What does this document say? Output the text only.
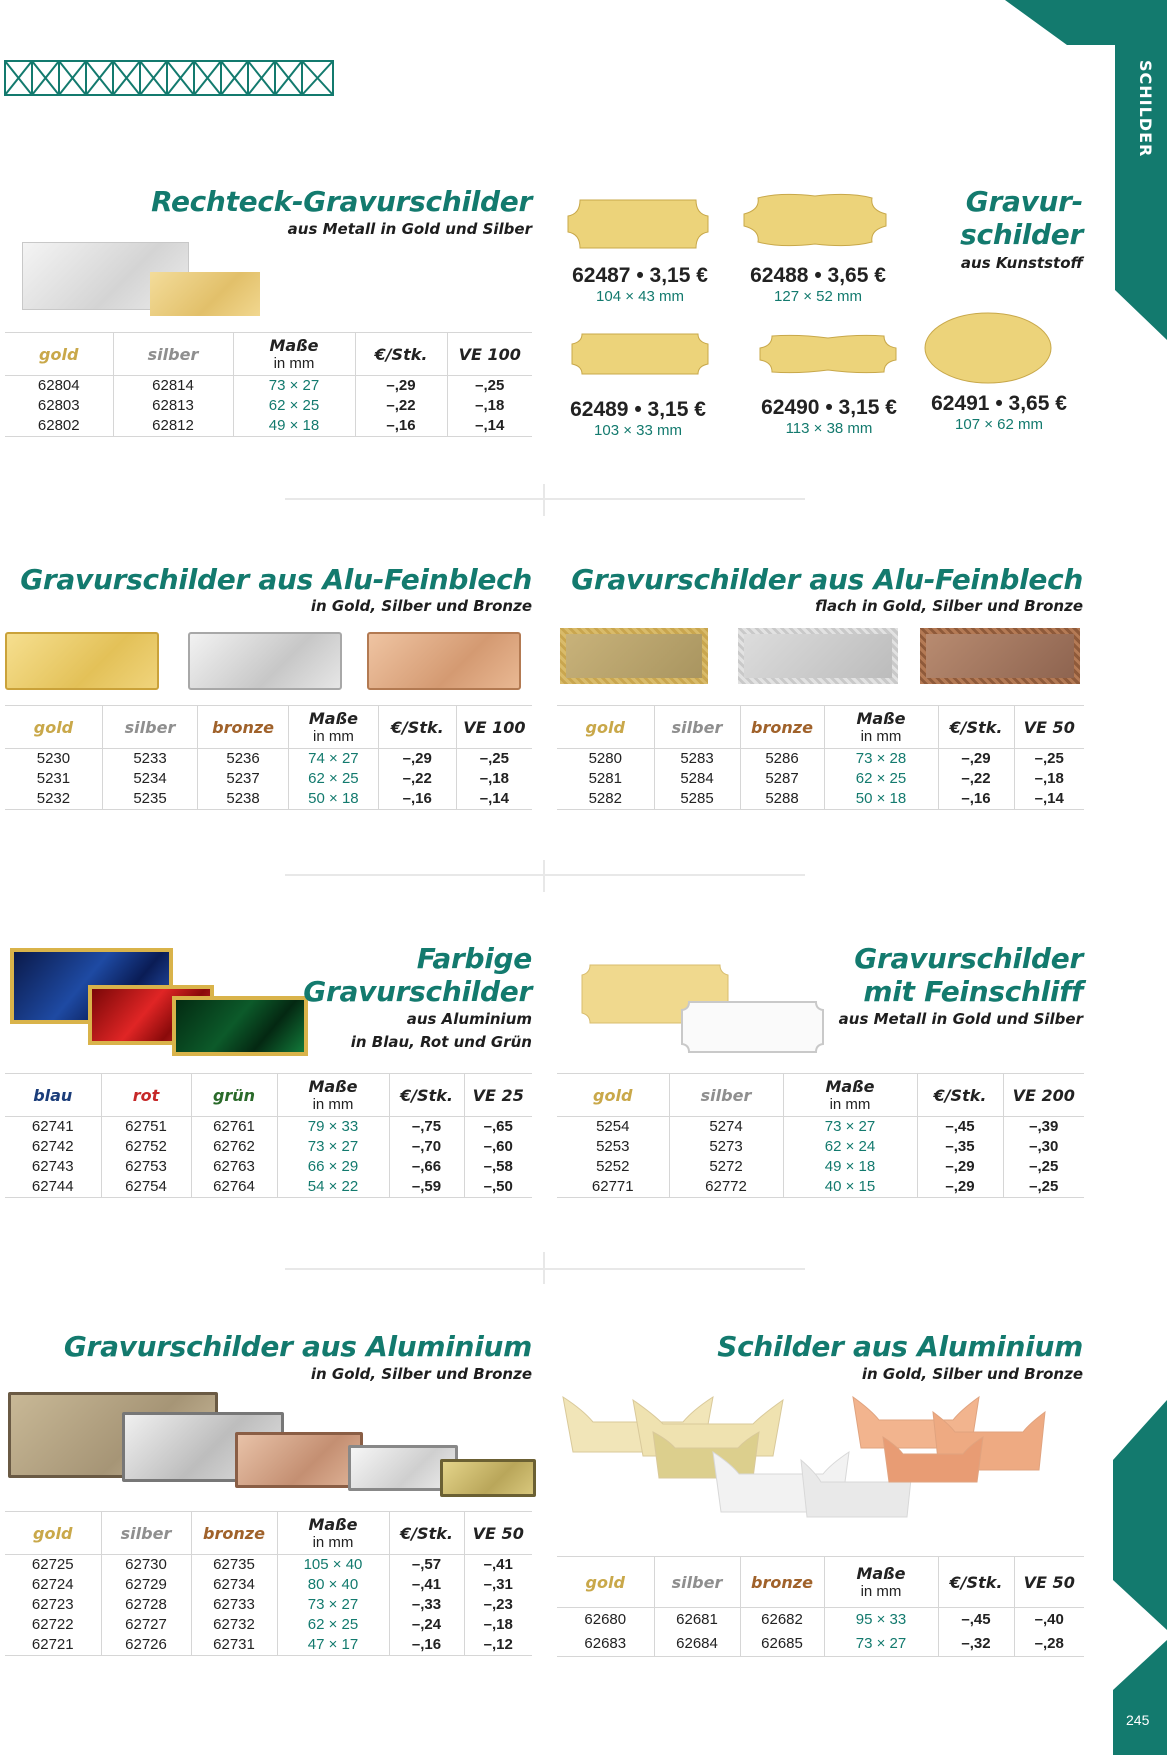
SCHILDER
245
Rechteck-Gravurschilder
aus Metall in Gold und Silber
gold	silber	Maße
in mm	€/Stk.	VE 100
62804	62814	73 × 27	–,29	–,25
62803	62813	62 × 25	–,22	–,18
62802	62812	49 × 18	–,16	–,14
Gravur-
schilder
aus Kunststoff
62487 • 3,15 €
104 × 43 mm
62488 • 3,65 €
127 × 52 mm
62489 • 3,15 €
103 × 33 mm
62490 • 3,15 €
113 × 38 mm
62491 • 3,65 €
107 × 62 mm
Gravurschilder aus Alu-Feinblech
in Gold, Silber und Bronze
gold	silber	bronze	Maße
in mm	€/Stk.	VE 100
5230	5233	5236	74 × 27	–,29	–,25
5231	5234	5237	62 × 25	–,22	–,18
5232	5235	5238	50 × 18	–,16	–,14
Gravurschilder aus Alu-Feinblech
flach in Gold, Silber und Bronze
gold	silber	bronze	Maße
in mm	€/Stk.	VE 50
5280	5283	5286	73 × 28	–,29	–,25
5281	5284	5287	62 × 25	–,22	–,18
5282	5285	5288	50 × 18	–,16	–,14
Farbige
Gravurschilder
aus Aluminium
in Blau, Rot und Grün
blau	rot	grün	Maße
in mm	€/Stk.	VE 25
62741	62751	62761	79 × 33	–,75	–,65
62742	62752	62762	73 × 27	–,70	–,60
62743	62753	62763	66 × 29	–,66	–,58
62744	62754	62764	54 × 22	–,59	–,50
Gravurschilder
mit Feinschliff
aus Metall in Gold und Silber
gold	silber	Maße
in mm	€/Stk.	VE 200
5254	5274	73 × 27	–,45	–,39
5253	5273	62 × 24	–,35	–,30
5252	5272	49 × 18	–,29	–,25
62771	62772	40 × 15	–,29	–,25
Gravurschilder aus Aluminium
in Gold, Silber und Bronze
gold	silber	bronze	Maße
in mm	€/Stk.	VE 50
62725	62730	62735	105 × 40	–,57	–,41
62724	62729	62734	80 × 40	–,41	–,31
62723	62728	62733	73 × 27	–,33	–,23
62722	62727	62732	62 × 25	–,24	–,18
62721	62726	62731	47 × 17	–,16	–,12
Schilder aus Aluminium
in Gold, Silber und Bronze
gold	silber	bronze	Maße
in mm	€/Stk.	VE 50
62680	62681	62682	95 × 33	–,45	–,40
62683	62684	62685	73 × 27	–,32	–,28
